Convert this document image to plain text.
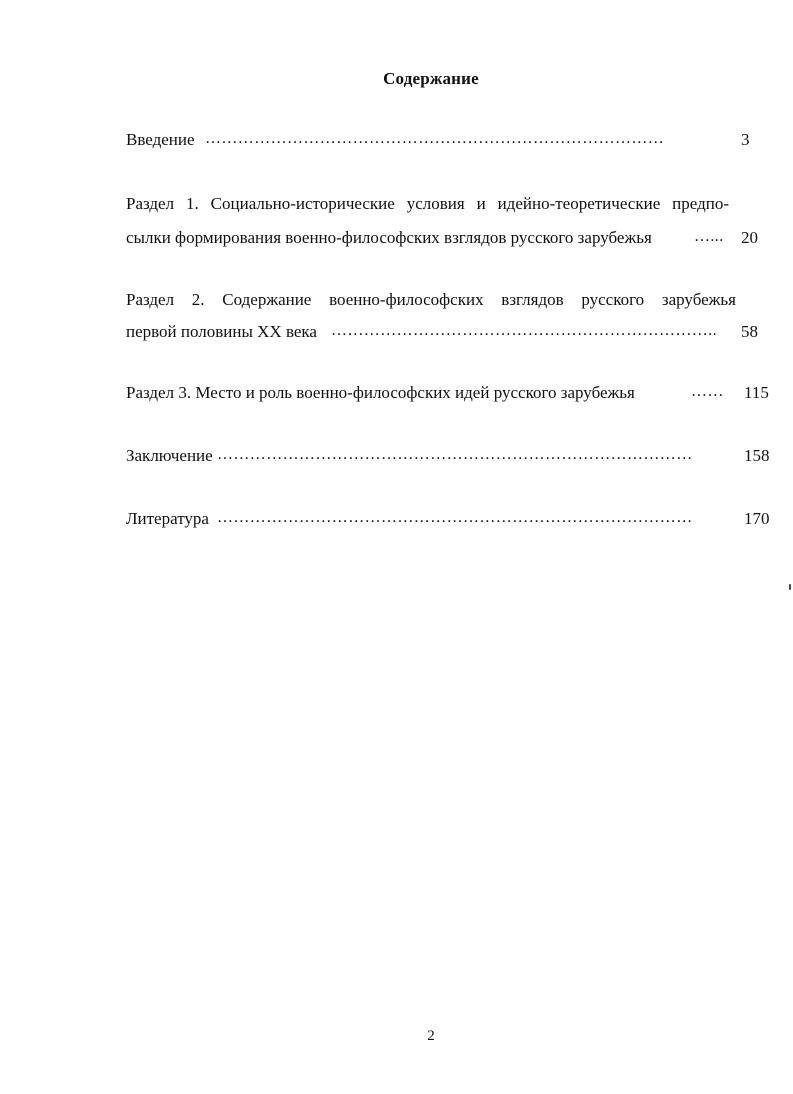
Содержание
Введение …………………………………………………………………………	3
Раздел 1. Социально-исторические условия и идейно-теоретические предпо-
сылки формирования военно-философских взглядов русского зарубежья	…...	20
Раздел 2. Содержание военно-философских взглядов русского зарубежья
первой половины XX века ……………………………………………………………..	58
Раздел 3. Место и роль военно-философских идей русского зарубежья	……	115
Заключение ……………………………………………………………………………	158
Литература ……………………………………………………………………………	170
2
